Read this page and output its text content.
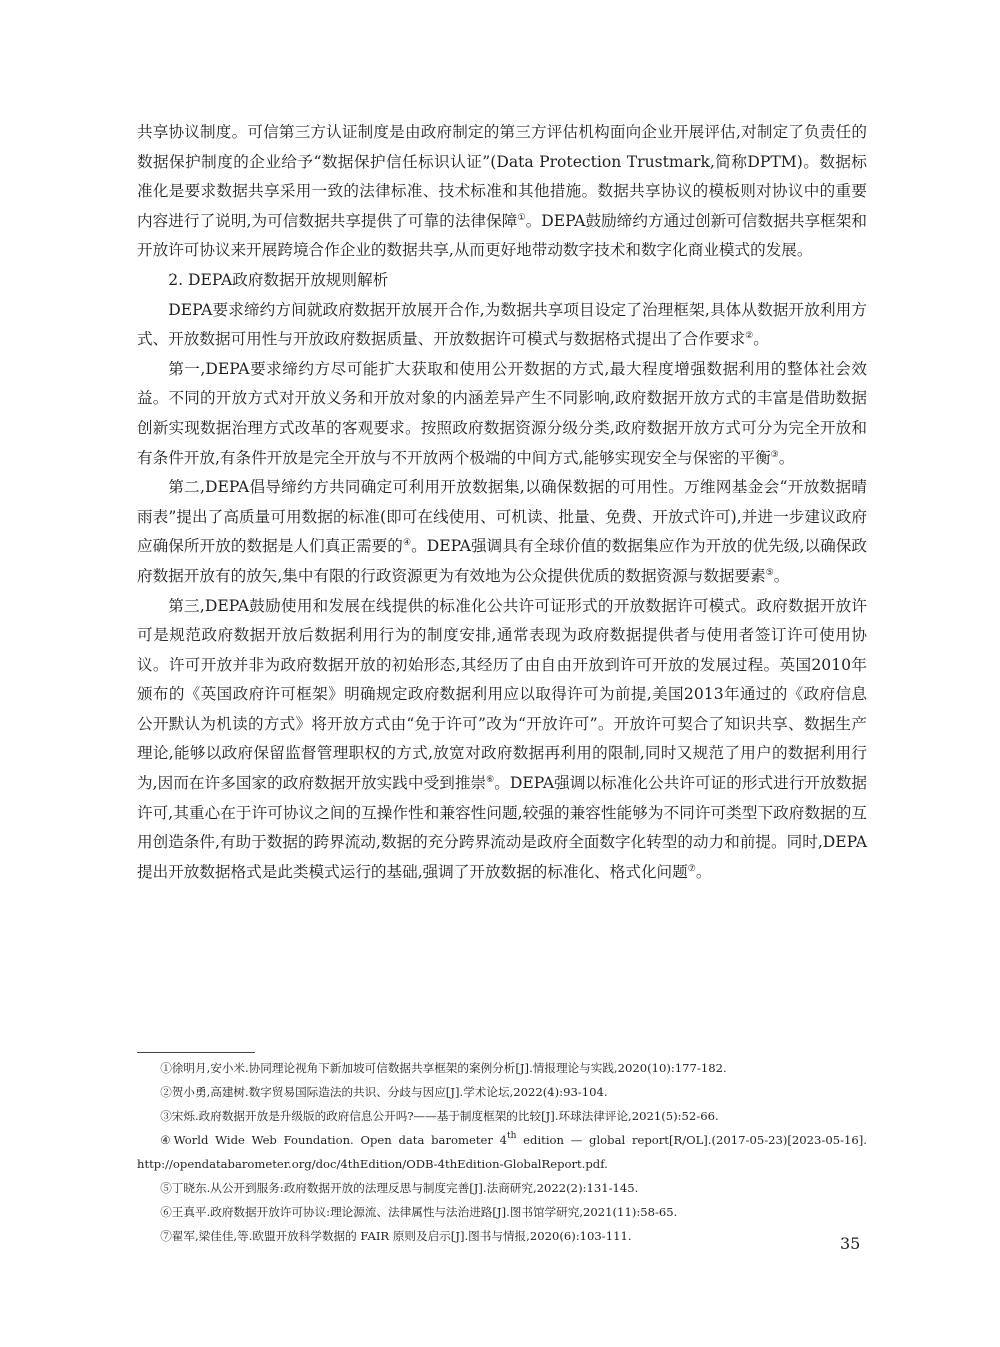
共享协议制度。可信第三方认证制度是由政府制定的第三方评估机构面向企业开展评估,对制定了负责任的数据保护制度的企业给予“数据保护信任标识认证”(Data Protection Trustmark,简称DPTM)。数据标准化是要求数据共享采用一致的法律标准、技术标准和其他措施。数据共享协议的模板则对协议中的重要内容进行了说明,为可信数据共享提供了可靠的法律保障①。DEPA鼓励缔约方通过创新可信数据共享框架和开放许可协议来开展跨境合作企业的数据共享,从而更好地带动数字技术和数字化商业模式的发展。

2. DEPA政府数据开放规则解析

DEPA要求缔约方间就政府数据开放展开合作,为数据共享项目设定了治理框架,具体从数据开放利用方式、开放数据可用性与开放政府数据质量、开放数据许可模式与数据格式提出了合作要求②。

第一,DEPA要求缔约方尽可能扩大获取和使用公开数据的方式,最大程度增强数据利用的整体社会效益。不同的开放方式对开放义务和开放对象的内涵差异产生不同影响,政府数据开放方式的丰富是借助数据创新实现数据治理方式改革的客观要求。按照政府数据资源分级分类,政府数据开放方式可分为完全开放和有条件开放,有条件开放是完全开放与不开放两个极端的中间方式,能够实现安全与保密的平衡③。

第二,DEPA倡导缔约方共同确定可利用开放数据集,以确保数据的可用性。万维网基金会“开放数据晴雨表”提出了高质量可用数据的标准(即可在线使用、可机读、批量、免费、开放式许可),并进一步建议政府应确保所开放的数据是人们真正需要的④。DEPA强调具有全球价值的数据集应作为开放的优先级,以确保政府数据开放有的放矢,集中有限的行政资源更为有效地为公众提供优质的数据资源与数据要素⑤。

第三,DEPA鼓励使用和发展在线提供的标准化公共许可证形式的开放数据许可模式。政府数据开放许可是规范政府数据开放后数据利用行为的制度安排,通常表现为政府数据提供者与使用者签订许可使用协议。许可开放并非为政府数据开放的初始形态,其经历了由自由开放到许可开放的发展过程。英国2010年颁布的《英国政府许可框架》明确规定政府数据利用应以取得许可为前提,美国2013年通过的《政府信息公开默认为机读的方式》将开放方式由“免于许可”改为“开放许可”。开放许可契合了知识共享、数据生产理论,能够以政府保留监督管理职权的方式,放宽对政府数据再利用的限制,同时又规范了用户的数据利用行为,因而在许多国家的政府数据开放实践中受到推崇⑥。DEPA强调以标准化公共许可证的形式进行开放数据许可,其重心在于许可协议之间的互操作性和兼容性问题,较强的兼容性能够为不同许可类型下政府数据的互用创造条件,有助于数据的跨界流动,数据的充分跨界流动是政府全面数字化转型的动力和前提。同时,DEPA提出开放数据格式是此类模式运行的基础,强调了开放数据的标准化、格式化问题⑦。

①徐明月,安小米.协同理论视角下新加坡可信数据共享框架的案例分析[J].情报理论与实践,2020(10):177-182.

②贺小勇,高建树.数字贸易国际造法的共识、分歧与因应[J].学术论坛,2022(4):93-104.

③宋烁.政府数据开放是升级版的政府信息公开吗?——基于制度框架的比较[J].环球法律评论,2021(5):52-66.

④World Wide Web Foundation. Open data barometer 4th edition — global report[R/OL].(2017-05-23)[2023-05-16]. http://opendatabarometer.org/doc/4thEdition/ODB-4thEdition-GlobalReport.pdf.

⑤丁晓东.从公开到服务:政府数据开放的法理反思与制度完善[J].法商研究,2022(2):131-145.

⑥王真平.政府数据开放许可协议:理论源流、法律属性与法治进路[J].图书馆学研究,2021(11):58-65.

⑦翟军,梁佳佳,等.欧盟开放科学数据的 FAIR 原则及启示[J].图书与情报,2020(6):103-111.	35
